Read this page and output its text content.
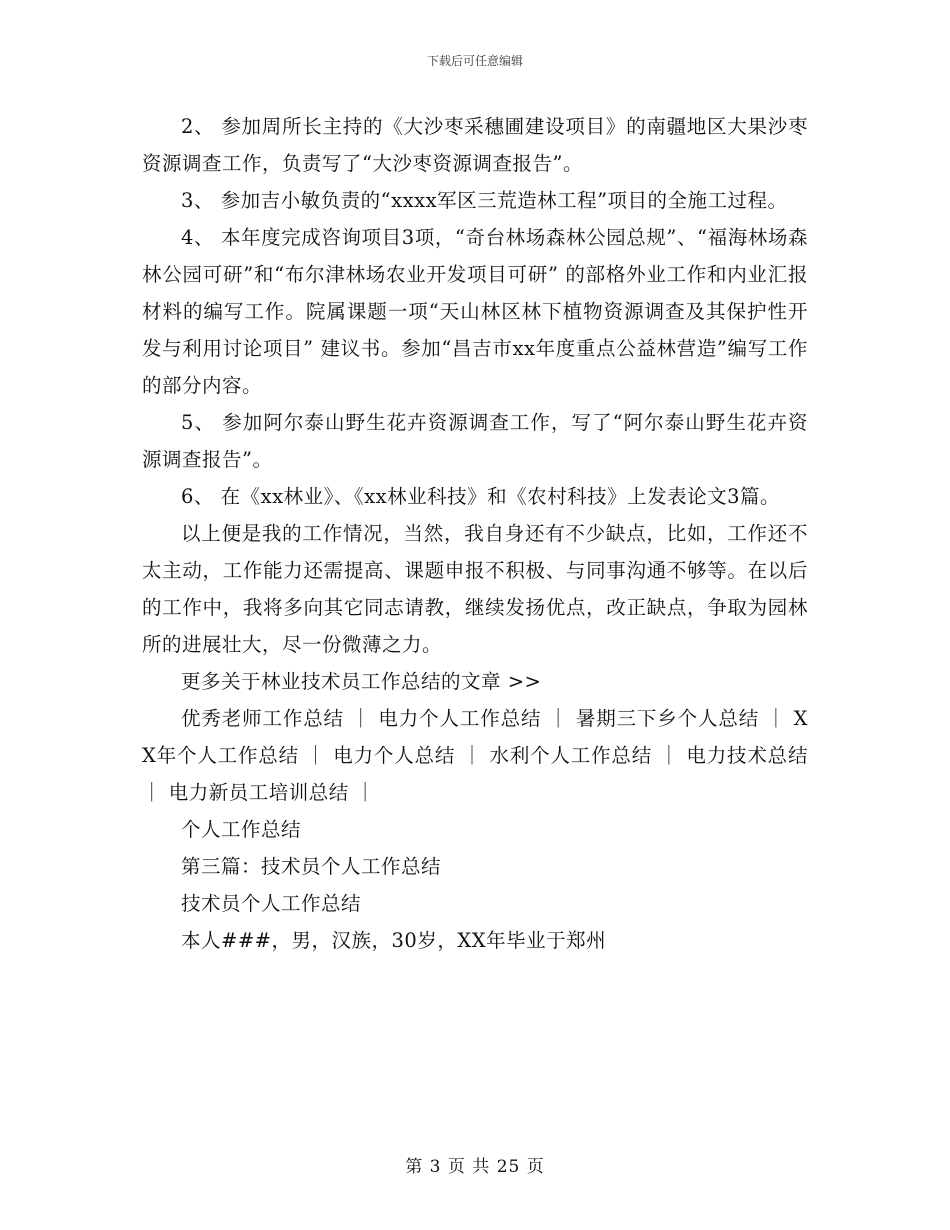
下载后可任意编辑

2、 参加周所长主持的《大沙枣采穗圃建设项目》的南疆地区大果沙枣资源调查工作，负责写了“大沙枣资源调查报告”。

3、 参加吉小敏负责的“xxxx军区三荒造林工程”项目的全施工过程。

4、 本年度完成咨询项目3项，“奇台林场森林公园总规”、“福海林场森林公园可研”和“布尔津林场农业开发项目可研” 的部格外业工作和内业汇报材料的编写工作。院属课题一项“天山林区林下植物资源调查及其保护性开发与利用讨论项目” 建议书。参加“昌吉市xx年度重点公益林营造”编写工作的部分内容。

5、 参加阿尔泰山野生花卉资源调查工作，写了“阿尔泰山野生花卉资源调查报告”。

6、 在《xx林业》、《xx林业科技》和《农村科技》上发表论文3篇。

以上便是我的工作情况，当然，我自身还有不少缺点，比如，工作还不太主动，工作能力还需提高、课题申报不积极、与同事沟通不够等。在以后的工作中，我将多向其它同志请教，继续发扬优点，改正缺点，争取为园林所的进展壮大，尽一份微薄之力。

更多关于林业技术员工作总结的文章 >>

优秀老师工作总结 ｜ 电力个人工作总结 ｜ 暑期三下乡个人总结 ｜ XX年个人工作总结 ｜ 电力个人总结 ｜ 水利个人工作总结 ｜ 电力技术总结 ｜ 电力新员工培训总结 ｜

个人工作总结

第三篇：技术员个人工作总结

技术员个人工作总结

本人###，男，汉族，30岁，XX年毕业于郑州

第 3 页 共 25 页
